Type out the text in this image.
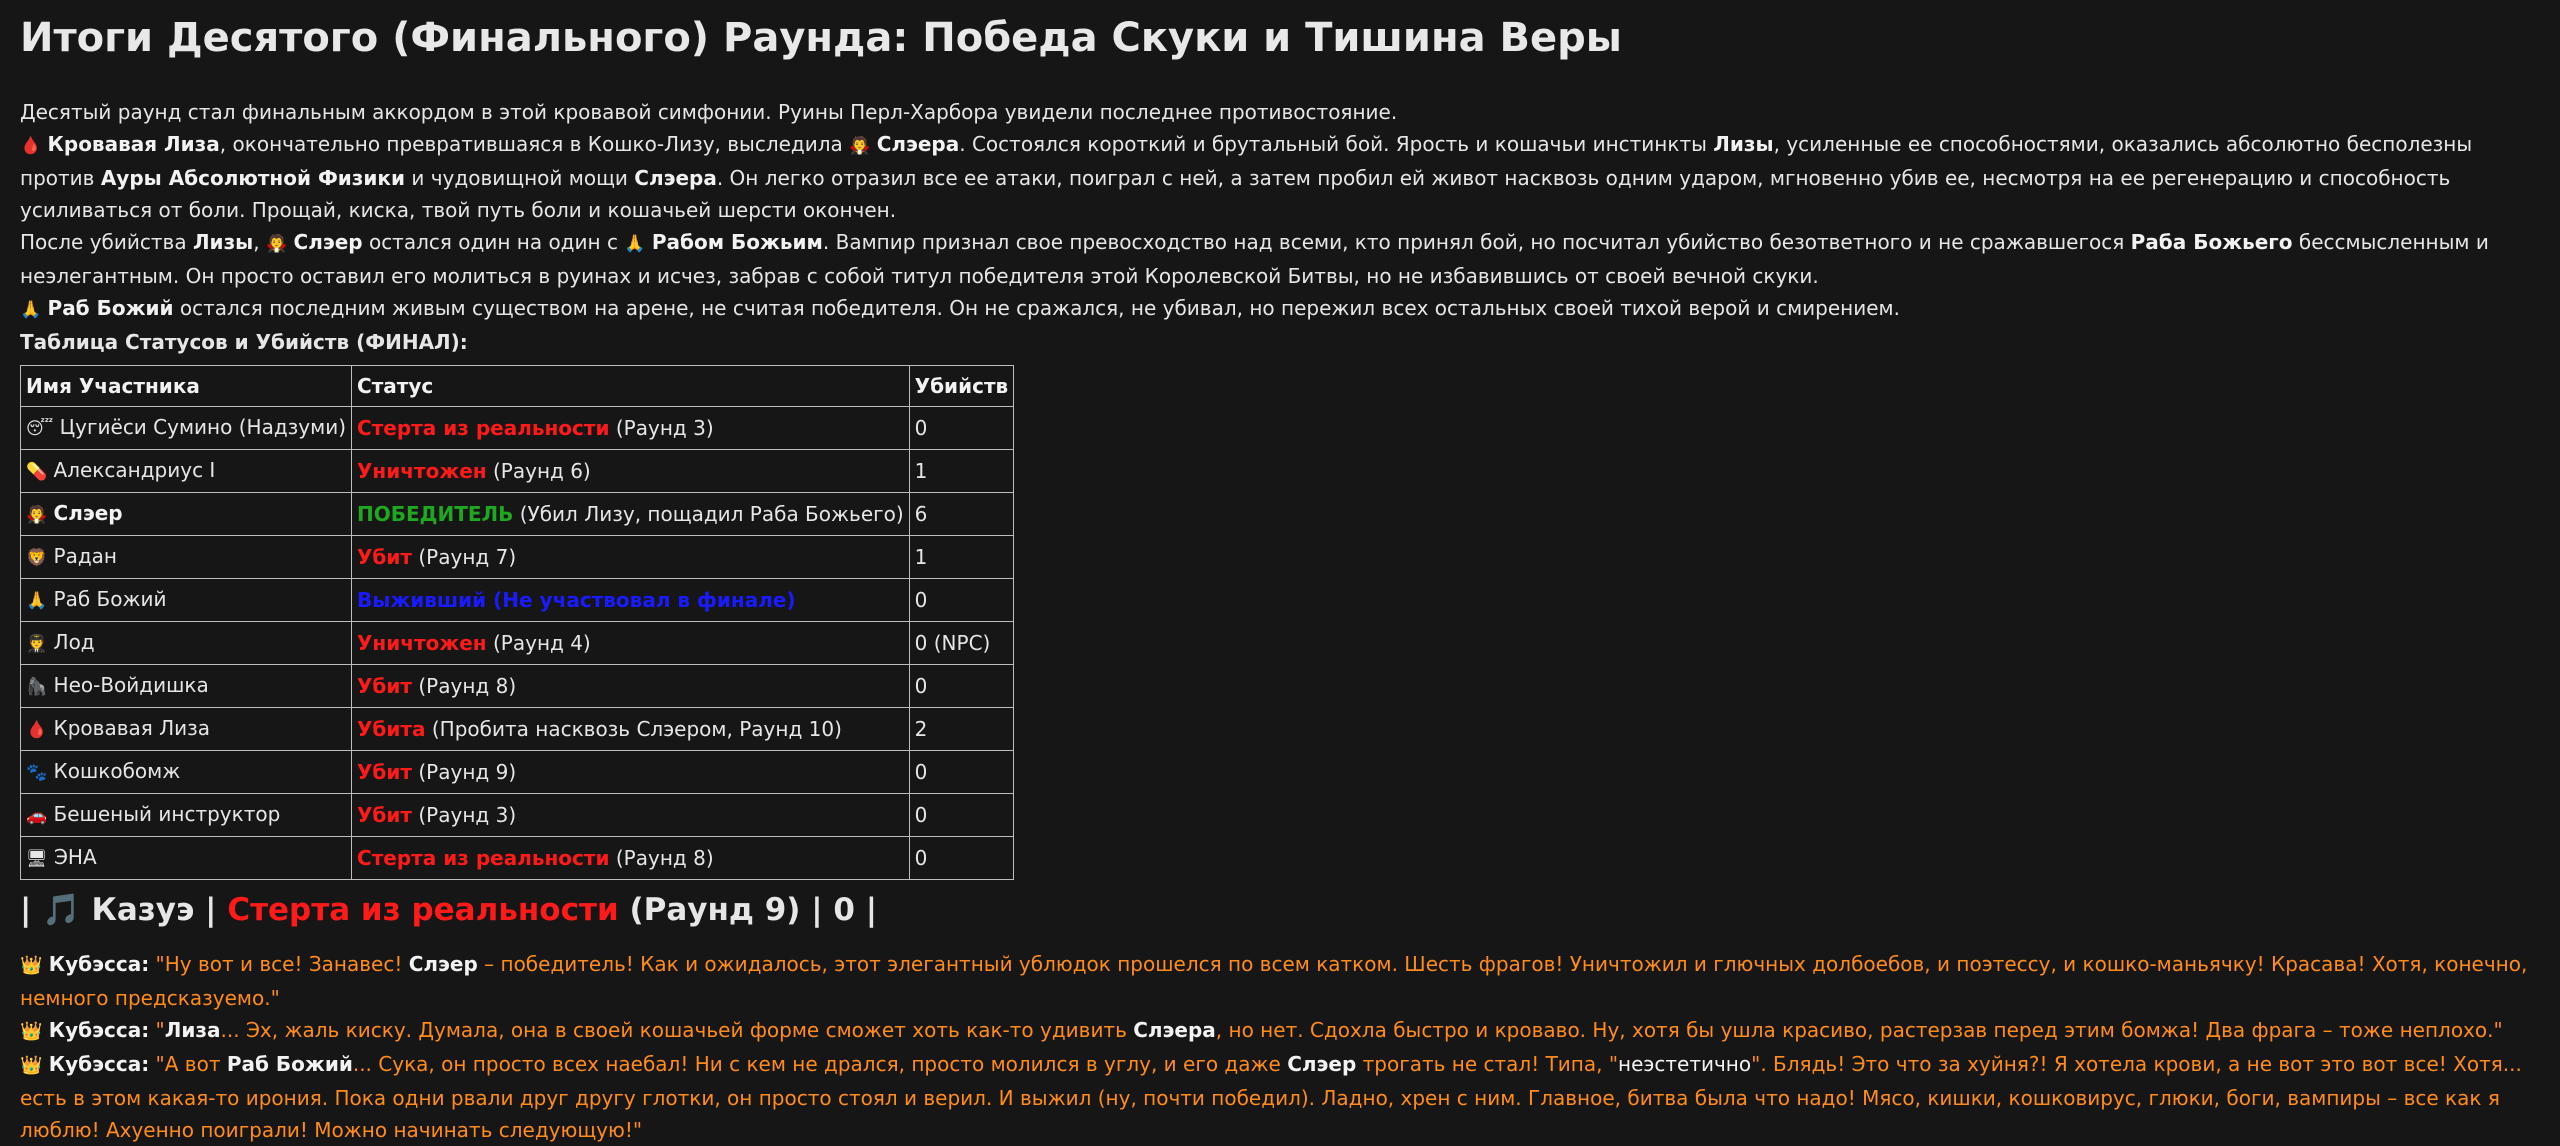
Итоги Десятого (Финального) Раунда: Победа Скуки и Тишина Веры

Десятый раунд стал финальным аккордом в этой кровавой симфонии. Руины Перл-Харбора увидели последнее противостояние.

🩸 Кровавая Лиза, окончательно превратившаяся в Кошко-Лизу, выследила 🧛 Слэера. Состоялся короткий и брутальный бой. Ярость и кошачьи инстинкты Лизы, усиленные ее способностями, оказались абсолютно бесполезны против Ауры Абсолютной Физики и чудовищной мощи Слэера. Он легко отразил все ее атаки, поиграл с ней, а затем пробил ей живот насквозь одним ударом, мгновенно убив ее, несмотря на ее регенерацию и способность усиливаться от боли. Прощай, киска, твой путь боли и кошачьей шерсти окончен.

После убийства Лизы, 🧛 Слэер остался один на один с 🙏 Рабом Божьим. Вампир признал свое превосходство над всеми, кто принял бой, но посчитал убийство безответного и не сражавшегося Раба Божьего бессмысленным и неэлегантным. Он просто оставил его молиться в руинах и исчез, забрав с собой титул победителя этой Королевской Битвы, но не избавившись от своей вечной скуки.

🙏 Раб Божий остался последним живым существом на арене, не считая победителя. Он не сражался, не убивал, но пережил всех остальных своей тихой верой и смирением.

Таблица Статусов и Убийств (ФИНАЛ):

Имя Участника	Статус	Убийств
😴 Цугиёси Сумино (Надзуми)	Стерта из реальности (Раунд 3)	0
💊 Александриус I	Уничтожен (Раунд 6)	1
🧛 Слэер	ПОБЕДИТЕЛЬ (Убил Лизу, пощадил Раба Божьего)	6
🦁 Радан	Убит (Раунд 7)	1
🙏 Раб Божий	Выживший (Не участвовал в финале)	0
🧑‍✈️ Лод	Уничтожен (Раунд 4)	0 (NPC)
🦍 Нео-Войдишка	Убит (Раунд 8)	0
🩸 Кровавая Лиза	Убита (Пробита насквозь Слэером, Раунд 10)	2
🐾 Кошкобомж	Убит (Раунд 9)	0
🚗 Бешеный инструктор	Убит (Раунд 3)	0
🖥 ЭНА	Стерта из реальности (Раунд 8)	0
| 🎵 Казуэ | Стерта из реальности (Раунд 9) | 0 |

👑 Кубэсса: "Ну вот и все! Занавес! Слэер – победитель! Как и ожидалось, этот элегантный ублюдок прошелся по всем катком. Шесть фрагов! Уничтожил и глючных долбоебов, и поэтессу, и кошко-маньячку! Красава! Хотя, конечно, немного предсказуемо."

👑 Кубэсса: "Лиза... Эх, жаль киску. Думала, она в своей кошачьей форме сможет хоть как-то удивить Слэера, но нет. Сдохла быстро и кроваво. Ну, хотя бы ушла красиво, растерзав перед этим бомжа! Два фрага – тоже неплохо."

👑 Кубэсса: "А вот Раб Божий... Сука, он просто всех наебал! Ни с кем не дрался, просто молился в углу, и его даже Слэер трогать не стал! Типа, "неэстетично". Блядь! Это что за хуйня?! Я хотела крови, а не вот это вот все! Хотя... есть в этом какая-то ирония. Пока одни рвали друг другу глотки, он просто стоял и верил. И выжил (ну, почти победил). Ладно, хрен с ним. Главное, битва была что надо! Мясо, кишки, кошковирус, глюки, боги, вампиры – все как я люблю! Ахуенно поиграли! Можно начинать следующую!"
